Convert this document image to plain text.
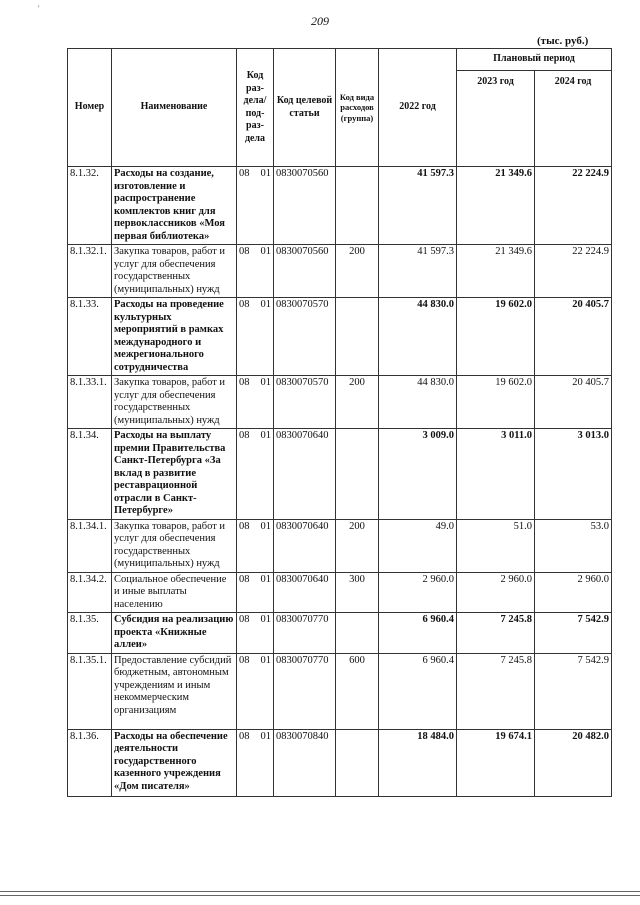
'
209
(тыс. руб.)
Номер	Наименование	Код раз-дела/ под-раз-дела	Код целевой статьи	Код вида расходов (группа)	2022 год	Плановый период	
						2023 год	2024 год
8.1.32.	Расходы на создание, изготовление и распространение комплектов книг для первоклассников «Моя первая библиотека»	08 01	0830070560		41 597.3	21 349.6	22 224.9
8.1.32.1.	Закупка товаров, работ и услуг для обеспечения государственных (муниципальных) нужд	08 01	0830070560	200	41 597.3	21 349.6	22 224.9
8.1.33.	Расходы на проведение культурных мероприятий в рамках международного и межрегионального сотрудничества	08 01	0830070570		44 830.0	19 602.0	20 405.7
8.1.33.1.	Закупка товаров, работ и услуг для обеспечения государственных (муниципальных) нужд	08 01	0830070570	200	44 830.0	19 602.0	20 405.7
8.1.34.	Расходы на выплату премии Правительства Санкт-Петербурга «За вклад в развитие реставрационной отрасли в Санкт-Петербурге»	08 01	0830070640		3 009.0	3 011.0	3 013.0
8.1.34.1.	Закупка товаров, работ и услуг для обеспечения государственных (муниципальных) нужд	08 01	0830070640	200	49.0	51.0	53.0
8.1.34.2.	Социальное обеспечение и иные выплаты населению	08 01	0830070640	300	2 960.0	2 960.0	2 960.0
8.1.35.	Субсидия на реализацию проекта «Книжные аллеи»	08 01	0830070770		6 960.4	7 245.8	7 542.9
8.1.35.1.	Предоставление субсидий бюджетным, автономным учреждениям и иным некоммерческим организациям	08 01	0830070770	600	6 960.4	7 245.8	7 542.9
8.1.36.	Расходы на обеспечение деятельности государственного казенного учреждения «Дом писателя»	08 01	0830070840		18 484.0	19 674.1	20 482.0
